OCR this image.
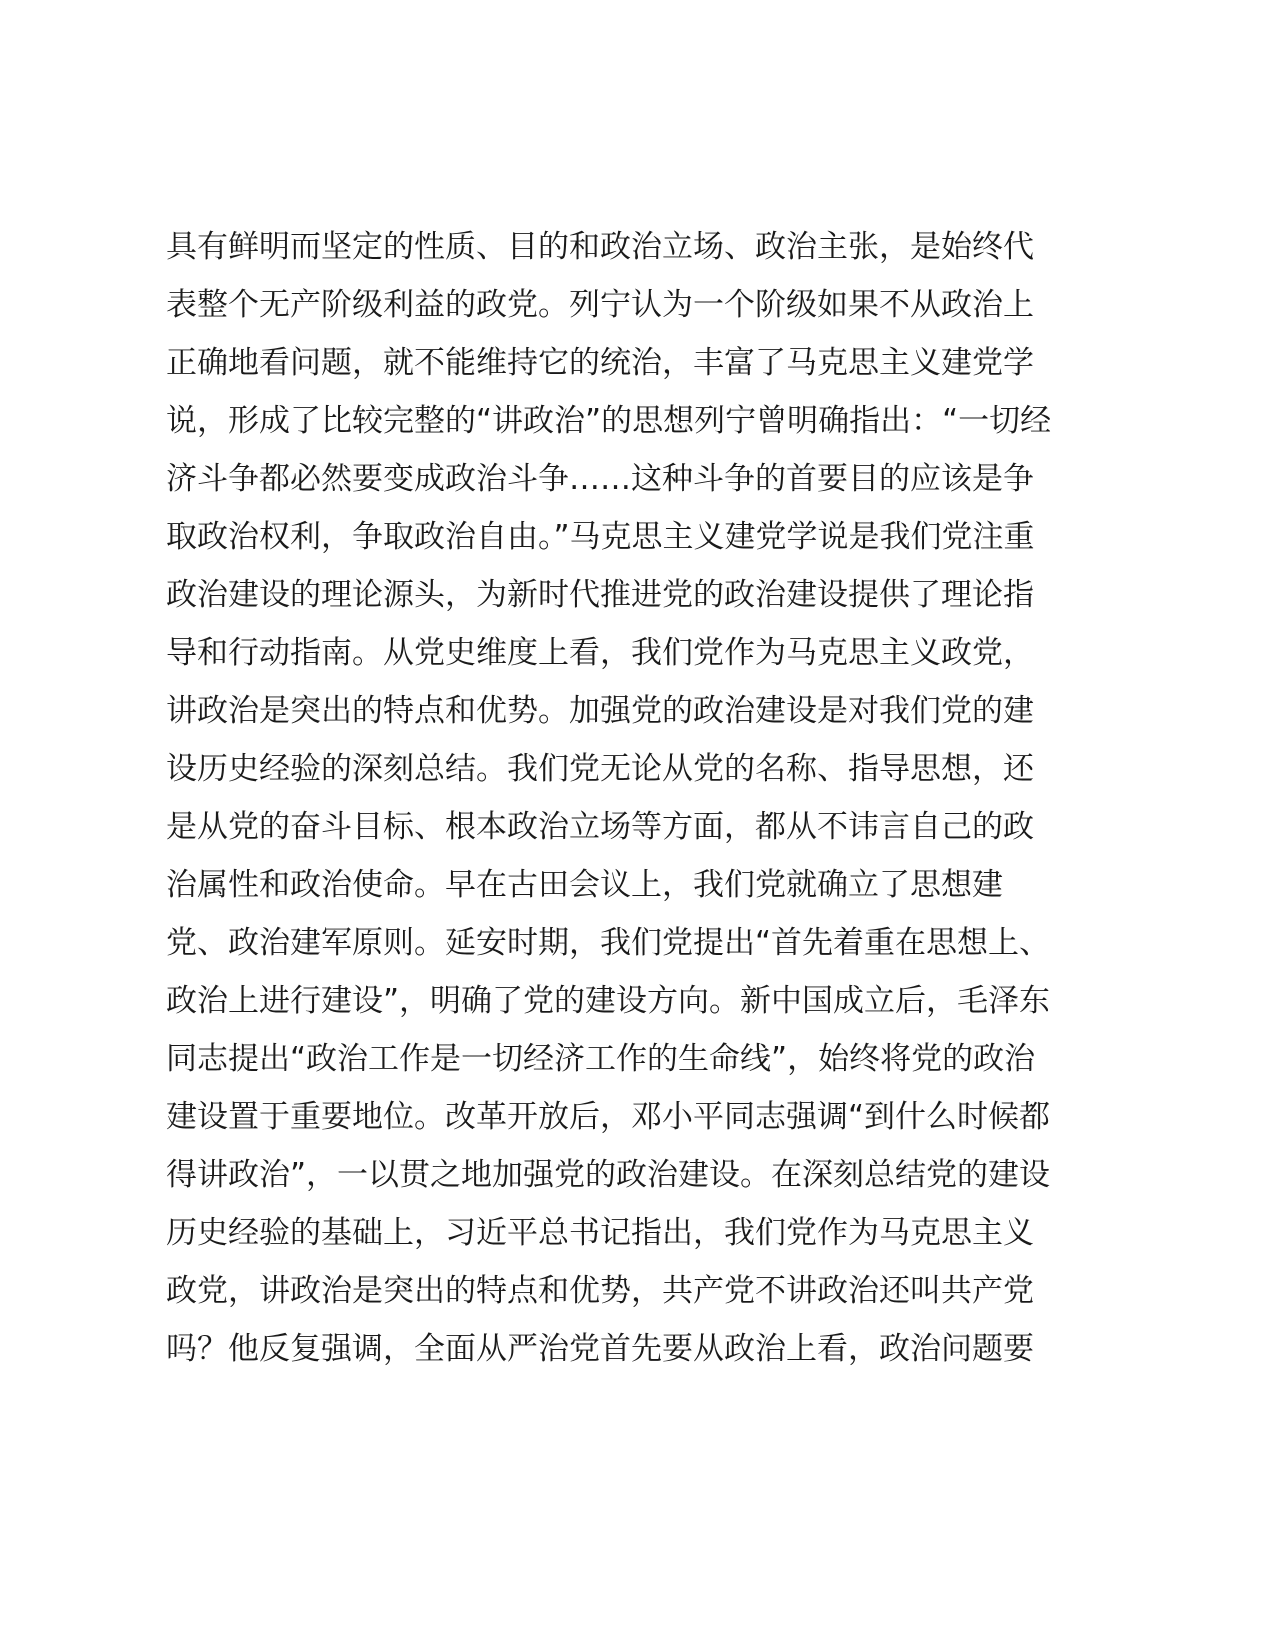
具有鲜明而坚定的性质、目的和政治立场、政治主张，是始终代
表整个无产阶级利益的政党。列宁认为一个阶级如果不从政治上
正确地看问题，就不能维持它的统治，丰富了马克思主义建党学
说，形成了比较完整的“讲政治”的思想列宁曾明确指出：“一切经
济斗争都必然要变成政治斗争……这种斗争的首要目的应该是争
取政治权利，争取政治自由。”马克思主义建党学说是我们党注重
政治建设的理论源头，为新时代推进党的政治建设提供了理论指
导和行动指南。从党史维度上看，我们党作为马克思主义政党，
讲政治是突出的特点和优势。加强党的政治建设是对我们党的建
设历史经验的深刻总结。我们党无论从党的名称、指导思想，还
是从党的奋斗目标、根本政治立场等方面，都从不讳言自己的政
治属性和政治使命。早在古田会议上，我们党就确立了思想建
党、政治建军原则。延安时期，我们党提出“首先着重在思想上、
政治上进行建设”，明确了党的建设方向。新中国成立后，毛泽东
同志提出“政治工作是一切经济工作的生命线”，始终将党的政治
建设置于重要地位。改革开放后，邓小平同志强调“到什么时候都
得讲政治”，一以贯之地加强党的政治建设。在深刻总结党的建设
历史经验的基础上，习近平总书记指出，我们党作为马克思主义
政党，讲政治是突出的特点和优势，共产党不讲政治还叫共产党
吗？他反复强调，全面从严治党首先要从政治上看，政治问题要
